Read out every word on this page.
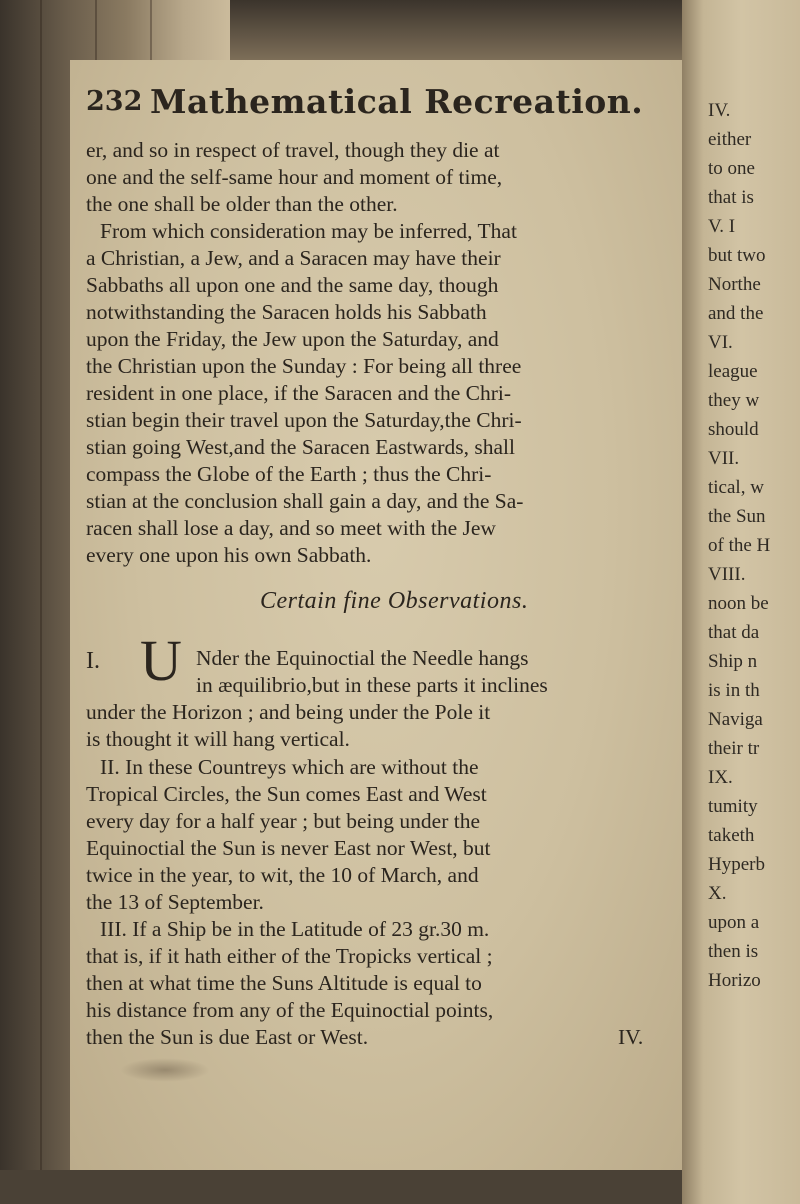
IV.
either
to one
that is
V. I
but two
Northe
and the
VI.
league
they w
should
VII.
tical, w
the Sun
of the H
VIII.
noon be
that da
Ship n
is in th
Naviga
their tr
IX.
tumity
taketh
Hyperb
X.
upon a
then is
Horizo
232 Mathematical Recreation.
er, and so in respect of travel, though they die at
one and the self-same hour and moment of time,
the one shall be older than the other.
From which consideration may be inferred, That
a Christian, a Jew, and a Saracen may have their
Sabbaths all upon one and the same day, though
notwithstanding the Saracen holds his Sabbath
upon the Friday, the Jew upon the Saturday, and
the Christian upon the Sunday : For being all three
resident in one place, if the Saracen and the Chri-
stian begin their travel upon the Saturday,the Chri-
stian going West,and the Saracen Eastwards, shall
compass the Globe of the Earth ; thus the Chri-
stian at the conclusion shall gain a day, and the Sa-
racen shall lose a day, and so meet with the Jew
every one upon his own Sabbath.
Certain fine Observations.
I. U Nder the Equinoctial the Needle hangs
in æquilibrio,but in these parts it inclines
under the Horizon ; and being under the Pole it
is thought it will hang vertical.
II. In these Countreys which are without the
Tropical Circles, the Sun comes East and West
every day for a half year ; but being under the
Equinoctial the Sun is never East nor West, but
twice in the year, to wit, the 10 of March, and
the 13 of September.
III. If a Ship be in the Latitude of 23 gr.30 m.
that is, if it hath either of the Tropicks vertical ;
then at what time the Suns Altitude is equal to
his distance from any of the Equinoctial points,
then the Sun is due East or West.	IV.
